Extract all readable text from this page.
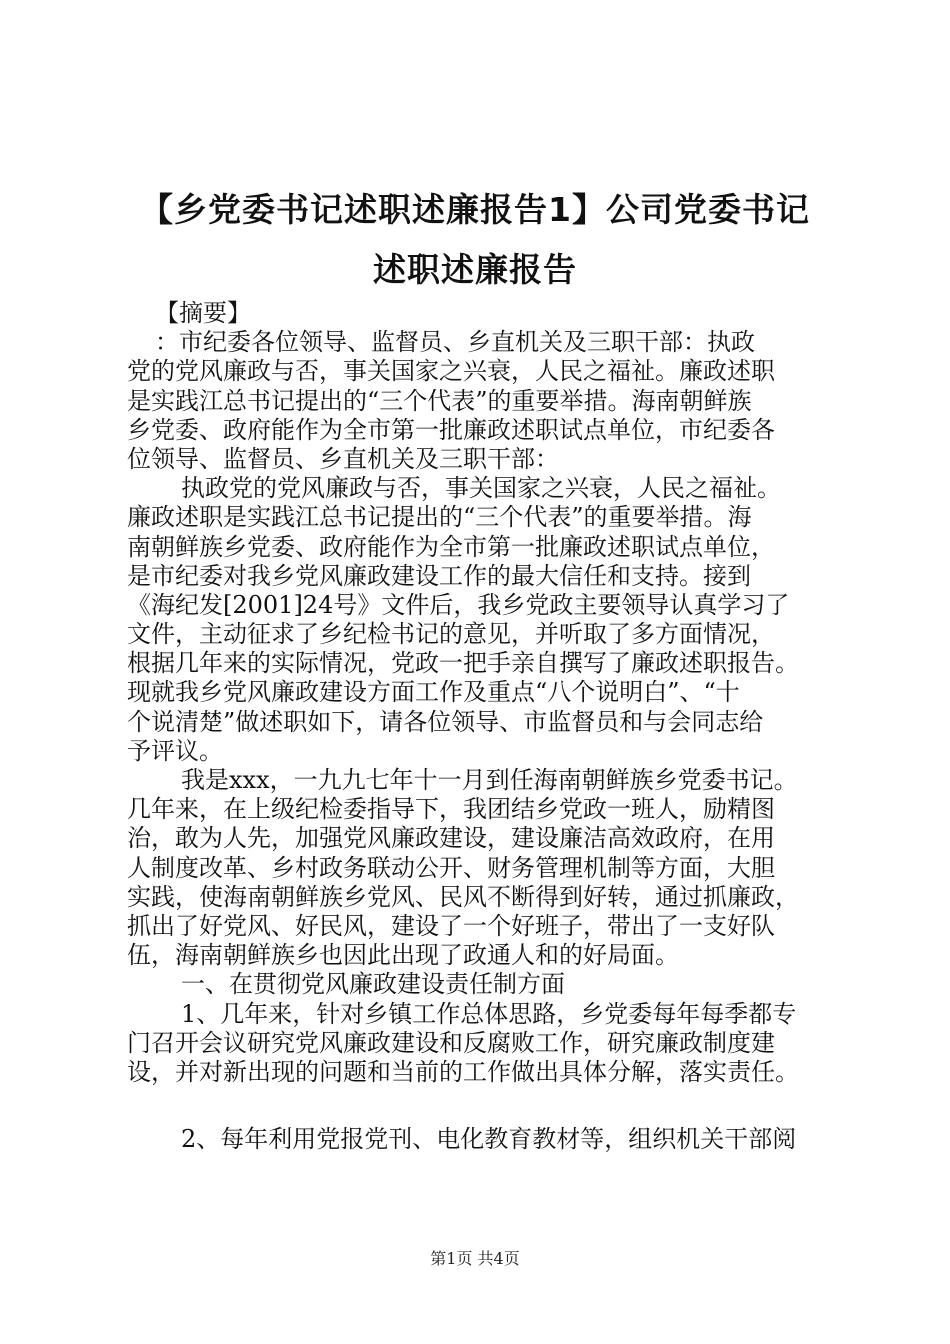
【乡党委书记述职述廉报告1】公司党委书记
述职述廉报告
【摘要】
：市纪委各位领导、监督员、乡直机关及三职干部：执政
党的党风廉政与否，事关国家之兴衰，人民之福祉。廉政述职
是实践江总书记提出的“三个代表”的重要举措。海南朝鲜族
乡党委、政府能作为全市第一批廉政述职试点单位，市纪委各
位领导、监督员、乡直机关及三职干部：
执政党的党风廉政与否，事关国家之兴衰，人民之福祉。
廉政述职是实践江总书记提出的“三个代表”的重要举措。海
南朝鲜族乡党委、政府能作为全市第一批廉政述职试点单位，
是市纪委对我乡党风廉政建设工作的最大信任和支持。接到
《海纪发[2001]24号》文件后，我乡党政主要领导认真学习了
文件，主动征求了乡纪检书记的意见，并听取了多方面情况，
根据几年来的实际情况，党政一把手亲自撰写了廉政述职报告。
现就我乡党风廉政建设方面工作及重点“八个说明白”、“十
个说清楚”做述职如下，请各位领导、市监督员和与会同志给
予评议。
我是xxx，一九九七年十一月到任海南朝鲜族乡党委书记。
几年来，在上级纪检委指导下，我团结乡党政一班人，励精图
治，敢为人先，加强党风廉政建设，建设廉洁高效政府，在用
人制度改革、乡村政务联动公开、财务管理机制等方面，大胆
实践，使海南朝鲜族乡党风、民风不断得到好转，通过抓廉政，
抓出了好党风、好民风，建设了一个好班子，带出了一支好队
伍，海南朝鲜族乡也因此出现了政通人和的好局面。
一、在贯彻党风廉政建设责任制方面
1、几年来，针对乡镇工作总体思路，乡党委每年每季都专
门召开会议研究党风廉政建设和反腐败工作，研究廉政制度建
设，并对新出现的问题和当前的工作做出具体分解，落实责任。
2、每年利用党报党刊、电化教育教材等，组织机关干部阅
第1页 共4页
